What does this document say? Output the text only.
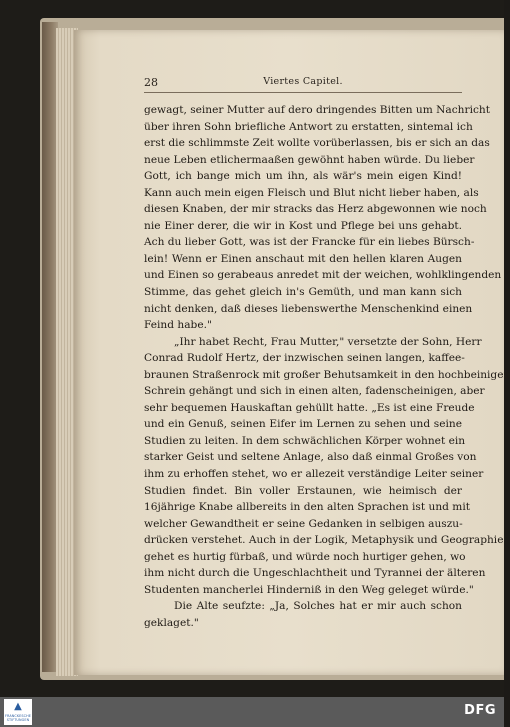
28	Viertes Capitel.
gewagt, seiner Mutter auf dero dringendes Bitten um Nachricht
über ihren Sohn briefliche Antwort zu erstatten, sintemal ich
erst die schlimmste Zeit wollte vorüberlassen, bis er sich an das
neue Leben etlichermaaßen gewöhnt haben würde. Du lieber
Gott, ich bange mich um ihn, als wär's mein eigen Kind!
Kann auch mein eigen Fleisch und Blut nicht lieber haben, als
diesen Knaben, der mir stracks das Herz abgewonnen wie noch
nie Einer derer, die wir in Kost und Pflege bei uns gehabt.
Ach du lieber Gott, was ist der Francke für ein liebes Bürsch-
lein! Wenn er Einen anschaut mit den hellen klaren Augen
und Einen so gerabeaus anredet mit der weichen, wohlklingenden
Stimme, das gehet gleich in's Gemüth, und man kann sich
nicht denken, daß dieses liebenswerthe Menschenkind einen
Feind habe."
„Ihr habet Recht, Frau Mutter," versetzte der Sohn, Herr
Conrad Rudolf Hertz, der inzwischen seinen langen, kaffee-
braunen Straßenrock mit großer Behutsamkeit in den hochbeinigen
Schrein gehängt und sich in einen alten, fadenscheinigen, aber
sehr bequemen Hauskaftan gehüllt hatte. „Es ist eine Freude
und ein Genuß, seinen Eifer im Lernen zu sehen und seine
Studien zu leiten. In dem schwächlichen Körper wohnet ein
starker Geist und seltene Anlage, also daß einmal Großes von
ihm zu erhoffen stehet, wo er allezeit verständige Leiter seiner
Studien findet. Bin voller Erstaunen, wie heimisch der
16jährige Knabe allbereits in den alten Sprachen ist und mit
welcher Gewandtheit er seine Gedanken in selbigen auszu-
drücken verstehet. Auch in der Logik, Metaphysik und Geographie
gehet es hurtig fürbaß, und würde noch hurtiger gehen, wo
ihm nicht durch die Ungeschlachtheit und Tyrannei der älteren
Studenten mancherlei Hinderniß in den Weg geleget würde."
Die Alte seufzte: „Ja, Solches hat er mir auch schon
geklaget."
▲
FRANCKESCHE STIFTUNGEN
DFG
